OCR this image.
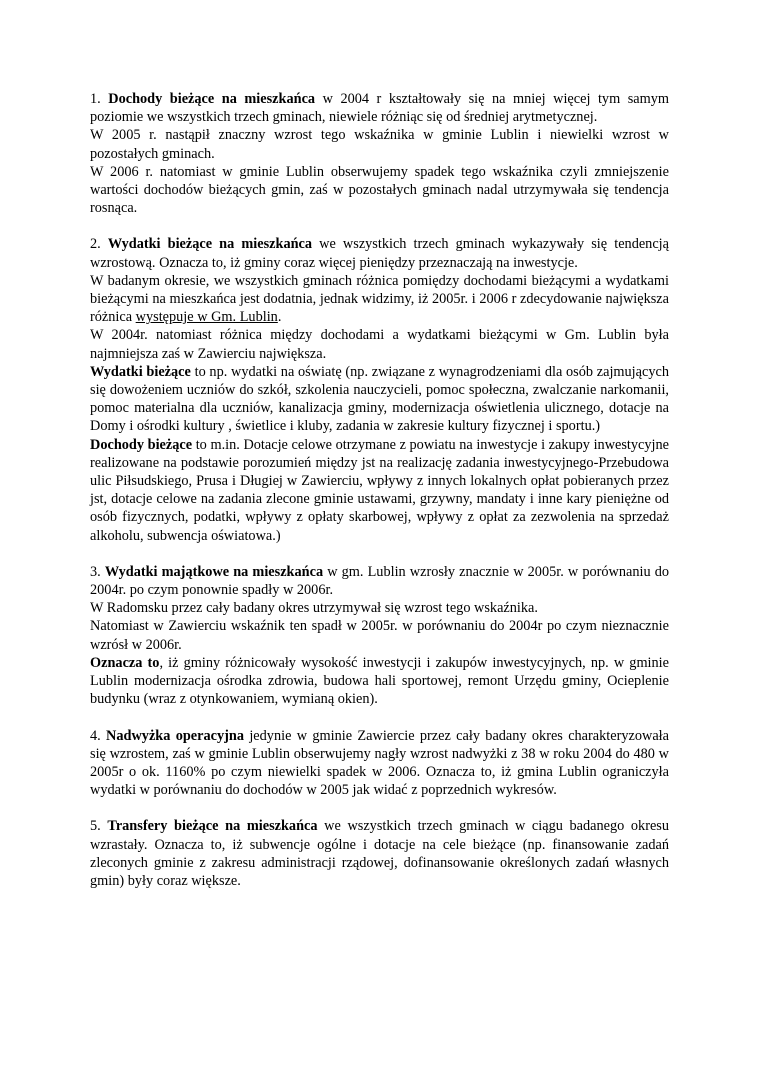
1. Dochody bieżące na mieszkańca w 2004 r kształtowały się na mniej więcej tym samym poziomie we wszystkich trzech gminach, niewiele różniąc się od średniej arytmetycznej.

W 2005 r. nastąpił znaczny wzrost tego wskaźnika w gminie Lublin i niewielki wzrost w pozostałych gminach.

W 2006 r. natomiast w gminie Lublin obserwujemy spadek tego wskaźnika czyli zmniejszenie wartości dochodów bieżących gmin, zaś w pozostałych gminach nadal utrzymywała się tendencja rosnąca.

2. Wydatki bieżące na mieszkańca we wszystkich trzech gminach wykazywały się tendencją wzrostową. Oznacza to, iż gminy coraz więcej pieniędzy przeznaczają na inwestycje.

W badanym okresie, we wszystkich gminach różnica pomiędzy dochodami bieżącymi a wydatkami bieżącymi na mieszkańca jest dodatnia, jednak widzimy, iż 2005r. i 2006 r zdecydowanie największa różnica występuje w Gm. Lublin.

W 2004r. natomiast różnica między dochodami a wydatkami bieżącymi w Gm. Lublin była najmniejsza zaś w Zawierciu największa.

Wydatki bieżące to np. wydatki na oświatę (np. związane z wynagrodzeniami dla osób zajmujących się dowożeniem uczniów do szkół, szkolenia nauczycieli, pomoc społeczna, zwalczanie narkomanii, pomoc materialna dla uczniów, kanalizacja gminy, modernizacja oświetlenia ulicznego, dotacje na Domy i ośrodki kultury , świetlice i kluby, zadania w zakresie kultury fizycznej i sportu.)

Dochody bieżące to m.in. Dotacje celowe otrzymane z powiatu na inwestycje i zakupy inwestycyjne realizowane na podstawie porozumień między jst na realizację zadania inwestycyjnego-Przebudowa ulic Piłsudskiego, Prusa i Długiej w Zawierciu, wpływy z innych lokalnych opłat pobieranych przez jst, dotacje celowe na zadania zlecone gminie ustawami, grzywny, mandaty i inne kary pieniężne od osób fizycznych, podatki, wpływy z opłaty skarbowej, wpływy z opłat za zezwolenia na sprzedaż alkoholu, subwencja oświatowa.)

3. Wydatki majątkowe na mieszkańca w gm. Lublin wzrosły znacznie w 2005r. w porównaniu do 2004r. po czym ponownie spadły w 2006r.

W Radomsku przez cały badany okres utrzymywał się wzrost tego wskaźnika.

Natomiast w Zawierciu wskaźnik ten spadł w 2005r. w porównaniu do 2004r po czym nieznacznie wzrósł w 2006r.

Oznacza to, iż gminy różnicowały wysokość inwestycji i zakupów inwestycyjnych, np. w gminie Lublin modernizacja ośrodka zdrowia, budowa hali sportowej, remont Urzędu gminy, Ocieplenie budynku (wraz z otynkowaniem, wymianą okien).

4. Nadwyżka operacyjna jedynie w gminie Zawiercie przez cały badany okres charakteryzowała się wzrostem, zaś w gminie Lublin obserwujemy nagły wzrost nadwyżki z 38 w roku 2004 do 480 w 2005r o ok. 1160% po czym niewielki spadek w 2006. Oznacza to, iż gmina Lublin ograniczyła wydatki w porównaniu do dochodów w 2005 jak widać z poprzednich wykresów.

5. Transfery bieżące na mieszkańca we wszystkich trzech gminach w ciągu badanego okresu wzrastały. Oznacza to, iż subwencje ogólne i dotacje na cele bieżące (np. finansowanie zadań zleconych gminie z zakresu administracji rządowej, dofinansowanie określonych zadań własnych gmin) były coraz większe.
